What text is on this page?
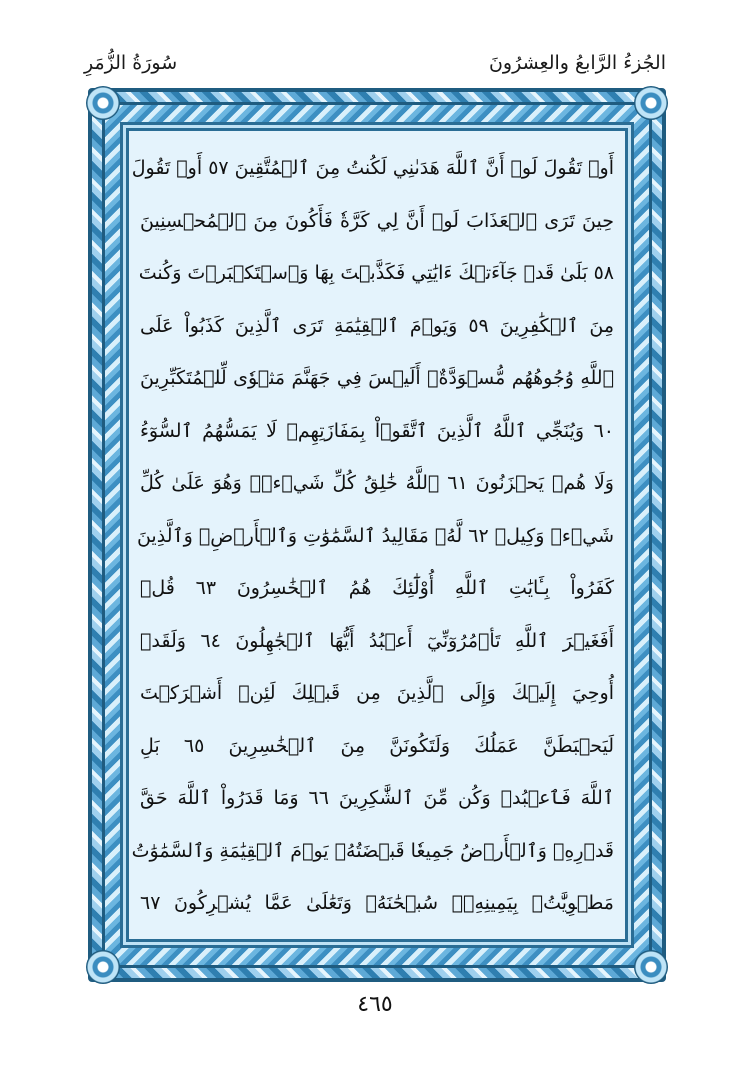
الجُزءُ الرَّابعُ والعِشرُونَ
سُورَةُ الزُّمَرِ
أَوۡ تَقُولَ لَوۡ أَنَّ ٱللَّهَ هَدَىٰنِي لَكُنتُ مِنَ ٱلۡمُتَّقِينَ ٥٧ أَوۡ تَقُولَ
حِينَ تَرَى ٱلۡعَذَابَ لَوۡ أَنَّ لِي كَرَّةٗ فَأَكُونَ مِنَ ٱلۡمُحۡسِنِينَ
٥٨ بَلَىٰ قَدۡ جَآءَتۡكَ ءَايَٰتِي فَكَذَّبۡتَ بِهَا وَٱسۡتَكۡبَرۡتَ وَكُنتَ
مِنَ ٱلۡكَٰفِرِينَ ٥٩ وَيَوۡمَ ٱلۡقِيَٰمَةِ تَرَى ٱلَّذِينَ كَذَبُواْ عَلَى
ٱللَّهِ وُجُوهُهُم مُّسۡوَدَّةٌۚ أَلَيۡسَ فِي جَهَنَّمَ مَثۡوٗى لِّلۡمُتَكَبِّرِينَ
٦٠ وَيُنَجِّي ٱللَّهُ ٱلَّذِينَ ٱتَّقَوۡاْ بِمَفَازَتِهِمۡ لَا يَمَسُّهُمُ ٱلسُّوٓءُ
وَلَا هُمۡ يَحۡزَنُونَ ٦١ ٱللَّهُ خَٰلِقُ كُلِّ شَيۡءٖۖ وَهُوَ عَلَىٰ كُلِّ
شَيۡءٖ وَكِيلٞ ٦٢ لَّهُۥ مَقَالِيدُ ٱلسَّمَٰوَٰتِ وَٱلۡأَرۡضِۗ وَٱلَّذِينَ
كَفَرُواْ بِـَٔايَٰتِ ٱللَّهِ أُوْلَٰٓئِكَ هُمُ ٱلۡخَٰسِرُونَ ٦٣ قُلۡ
أَفَغَيۡرَ ٱللَّهِ تَأۡمُرُوٓنِّيٓ أَعۡبُدُ أَيُّهَا ٱلۡجَٰهِلُونَ ٦٤ وَلَقَدۡ
أُوحِيَ إِلَيۡكَ وَإِلَى ٱلَّذِينَ مِن قَبۡلِكَ لَئِنۡ أَشۡرَكۡتَ
لَيَحۡبَطَنَّ عَمَلُكَ وَلَتَكُونَنَّ مِنَ ٱلۡخَٰسِرِينَ ٦٥ بَلِ
ٱللَّهَ فَٱعۡبُدۡ وَكُن مِّنَ ٱلشَّٰكِرِينَ ٦٦ وَمَا قَدَرُواْ ٱللَّهَ حَقَّ
قَدۡرِهِۦ وَٱلۡأَرۡضُ جَمِيعٗا قَبۡضَتُهُۥ يَوۡمَ ٱلۡقِيَٰمَةِ وَٱلسَّمَٰوَٰتُ
مَطۡوِيَّٰتُۢ بِيَمِينِهِۦۚ سُبۡحَٰنَهُۥ وَتَعَٰلَىٰ عَمَّا يُشۡرِكُونَ ٦٧
٤٦٥
